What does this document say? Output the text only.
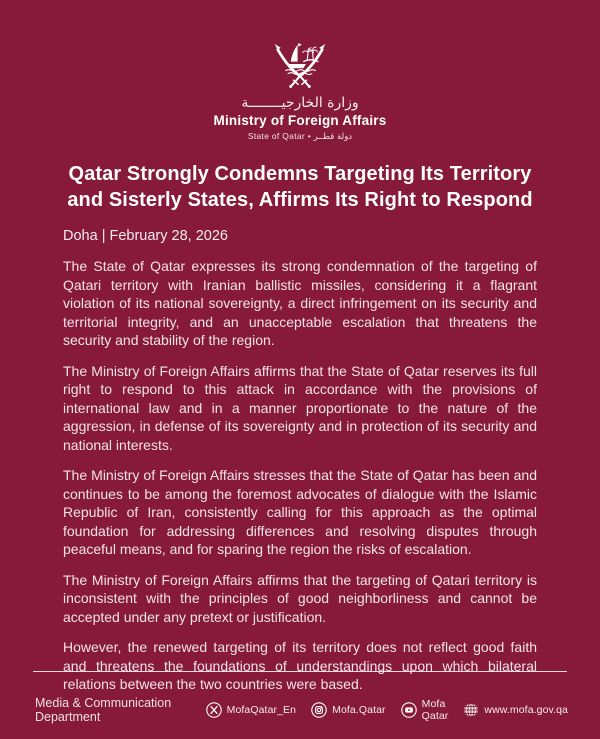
وزارة الخارجيــــــــة
Ministry of Foreign Affairs
State of Qatar • دولة قطــر
Qatar Strongly Condemns Targeting Its Territory
and Sisterly States, Affirms Its Right to Respond
Doha | February 28, 2026

The State of Qatar expresses its strong condemnation of the targeting of Qatari territory with Iranian ballistic missiles, considering it a flagrant violation of its national sovereignty, a direct infringement on its security and territorial integrity, and an unacceptable escalation that threatens the security and stability of the region.

The Ministry of Foreign Affairs affirms that the State of Qatar reserves its full right to respond to this attack in accordance with the provisions of international law and in a manner proportionate to the nature of the aggression, in defense of its sovereignty and in protection of its security and national interests.

The Ministry of Foreign Affairs stresses that the State of Qatar has been and continues to be among the foremost advocates of dialogue with the Islamic Republic of Iran, consistently calling for this approach as the optimal foundation for addressing differences and resolving disputes through peaceful means, and for sparing the region the risks of escalation.

The Ministry of Foreign Affairs affirms that the targeting of Qatari territory is inconsistent with the principles of good neighborliness and cannot be accepted under any pretext or justification.

However, the renewed targeting of its territory does not reflect good faith and threatens the foundations of understandings upon which bilateral relations between the two countries were based.

Media & Communication Department	MofaQatar_En	Mofa.Qatar	Mofa Qatar	www.mofa.gov.qa
